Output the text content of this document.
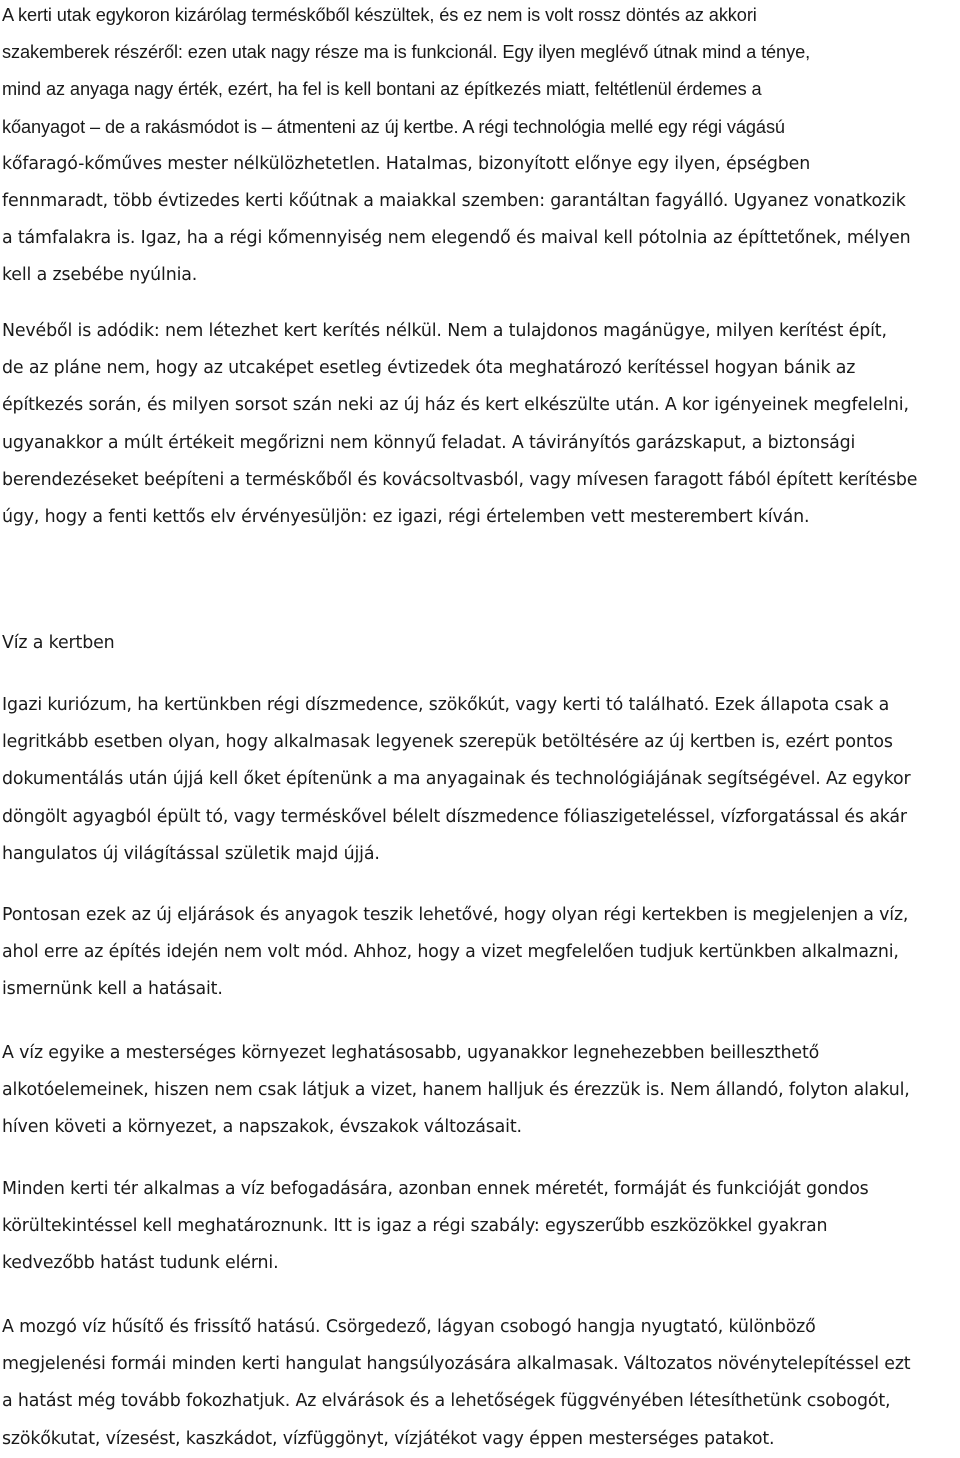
A kerti utak egykoron kizárólag terméskőből készültek, és ez nem is volt rossz döntés az akkori
szakemberek részéről: ezen utak nagy része ma is funkcionál. Egy ilyen meglévő útnak mind a ténye,
mind az anyaga nagy érték, ezért, ha fel is kell bontani az építkezés miatt, feltétlenül érdemes a
kőanyagot – de a rakásmódot is – átmenteni az új kertbe. A régi technológia mellé egy régi vágású
kőfaragó-kőműves mester nélkülözhetetlen. Hatalmas, bizonyított előnye egy ilyen, épségben
fennmaradt, több évtizedes kerti kőútnak a maiakkal szemben: garantáltan fagyálló. Ugyanez vonatkozik
a támfalakra is. Igaz, ha a régi kőmennyiség nem elegendő és maival kell pótolnia az építtetőnek, mélyen
kell a zsebébe nyúlnia.
Nevéből is adódik: nem létezhet kert kerítés nélkül. Nem a tulajdonos magánügye, milyen kerítést épít,
de az pláne nem, hogy az utcaképet esetleg évtizedek óta meghatározó kerítéssel hogyan bánik az
építkezés során, és milyen sorsot szán neki az új ház és kert elkészülte után. A kor igényeinek megfelelni,
ugyanakkor a múlt értékeit megőrizni nem könnyű feladat. A távirányítós garázskaput, a biztonsági
berendezéseket beépíteni a terméskőből és kovácsoltvasból, vagy mívesen faragott fából épített kerítésbe
úgy, hogy a fenti kettős elv érvényesüljön: ez igazi, régi értelemben vett mesterembert kíván.
Víz a kertben
Igazi kuriózum, ha kertünkben régi díszmedence, szökőkút, vagy kerti tó található. Ezek állapota csak a
legritkább esetben olyan, hogy alkalmasak legyenek szerepük betöltésére az új kertben is, ezért pontos
dokumentálás után újjá kell őket építenünk a ma anyagainak és technológiájának segítségével. Az egykor
döngölt agyagból épült tó, vagy terméskővel bélelt díszmedence fóliaszigeteléssel, vízforgatással és akár
hangulatos új világítással születik majd újjá.
Pontosan ezek az új eljárások és anyagok teszik lehetővé, hogy olyan régi kertekben is megjelenjen a víz,
ahol erre az építés idején nem volt mód. Ahhoz, hogy a vizet megfelelően tudjuk kertünkben alkalmazni,
ismernünk kell a hatásait.
A víz egyike a mesterséges környezet leghatásosabb, ugyanakkor legnehezebben beilleszthető
alkotóelemeinek, hiszen nem csak látjuk a vizet, hanem halljuk és érezzük is. Nem állandó, folyton alakul,
híven követi a környezet, a napszakok, évszakok változásait.
Minden kerti tér alkalmas a víz befogadására, azonban ennek méretét, formáját és funkcióját gondos
körültekintéssel kell meghatároznunk. Itt is igaz a régi szabály: egyszerűbb eszközökkel gyakran
kedvezőbb hatást tudunk elérni.
A mozgó víz hűsítő és frissítő hatású. Csörgedező, lágyan csobogó hangja nyugtató, különböző
megjelenési formái minden kerti hangulat hangsúlyozására alkalmasak. Változatos növénytelepítéssel ezt
a hatást még tovább fokozhatjuk. Az elvárások és a lehetőségek függvényében létesíthetünk csobogót,
szökőkutat, vízesést, kaszkádot, vízfüggönyt, vízjátékot vagy éppen mesterséges patakot.
